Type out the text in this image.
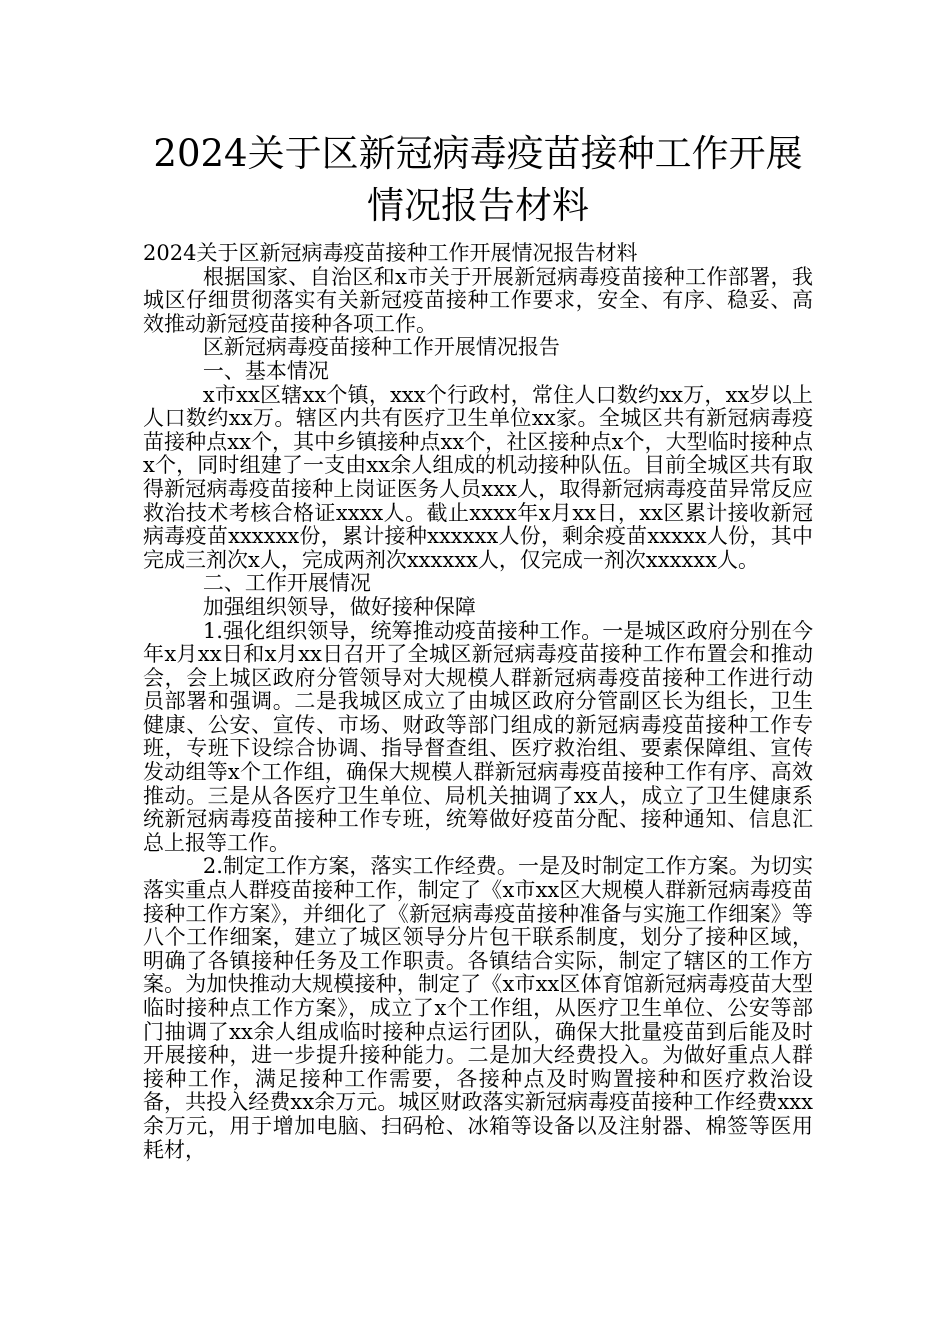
2024关于区新冠病毒疫苗接种工作开展情况报告材料

2024关于区新冠病毒疫苗接种工作开展情况报告材料

根据国家、自治区和x市关于开展新冠病毒疫苗接种工作部署，我城区仔细贯彻落实有关新冠疫苗接种工作要求，安全、有序、稳妥、高效推动新冠疫苗接种各项工作。

区新冠病毒疫苗接种工作开展情况报告

一、基本情况

x市xx区辖xx个镇，xxx个行政村，常住人口数约xx万，xx岁以上人口数约xx万。辖区内共有医疗卫生单位xx家。全城区共有新冠病毒疫苗接种点xx个，其中乡镇接种点xx个，社区接种点x个，大型临时接种点x个，同时组建了一支由xx余人组成的机动接种队伍。目前全城区共有取得新冠病毒疫苗接种上岗证医务人员xxx人，取得新冠病毒疫苗异常反应救治技术考核合格证xxxx人。截止xxxx年x月xx日，xx区累计接收新冠病毒疫苗xxxxxx份，累计接种xxxxxx人份，剩余疫苗xxxxx人份，其中完成三剂次x人，完成两剂次xxxxxx人，仅完成一剂次xxxxxx人。

二、工作开展情况

加强组织领导，做好接种保障

1.强化组织领导，统筹推动疫苗接种工作。一是城区政府分别在今年x月xx日和x月xx日召开了全城区新冠病毒疫苗接种工作布置会和推动会，会上城区政府分管领导对大规模人群新冠病毒疫苗接种工作进行动员部署和强调。二是我城区成立了由城区政府分管副区长为组长，卫生健康、公安、宣传、市场、财政等部门组成的新冠病毒疫苗接种工作专班，专班下设综合协调、指导督查组、医疗救治组、要素保障组、宣传发动组等x个工作组，确保大规模人群新冠病毒疫苗接种工作有序、高效推动。三是从各医疗卫生单位、局机关抽调了xx人，成立了卫生健康系统新冠病毒疫苗接种工作专班，统筹做好疫苗分配、接种通知、信息汇总上报等工作。

2.制定工作方案，落实工作经费。一是及时制定工作方案。为切实落实重点人群疫苗接种工作，制定了《x市xx区大规模人群新冠病毒疫苗接种工作方案》，并细化了《新冠病毒疫苗接种准备与实施工作细案》等八个工作细案，建立了城区领导分片包干联系制度，划分了接种区域，明确了各镇接种任务及工作职责。各镇结合实际，制定了辖区的工作方案。为加快推动大规模接种，制定了《x市xx区体育馆新冠病毒疫苗大型临时接种点工作方案》，成立了x个工作组，从医疗卫生单位、公安等部门抽调了xx余人组成临时接种点运行团队，确保大批量疫苗到后能及时开展接种，进一步提升接种能力。二是加大经费投入。为做好重点人群接种工作，满足接种工作需要，各接种点及时购置接种和医疗救治设备，共投入经费xx余万元。城区财政落实新冠病毒疫苗接种工作经费xxx余万元，用于增加电脑、扫码枪、冰箱等设备以及注射器、棉签等医用耗材，
